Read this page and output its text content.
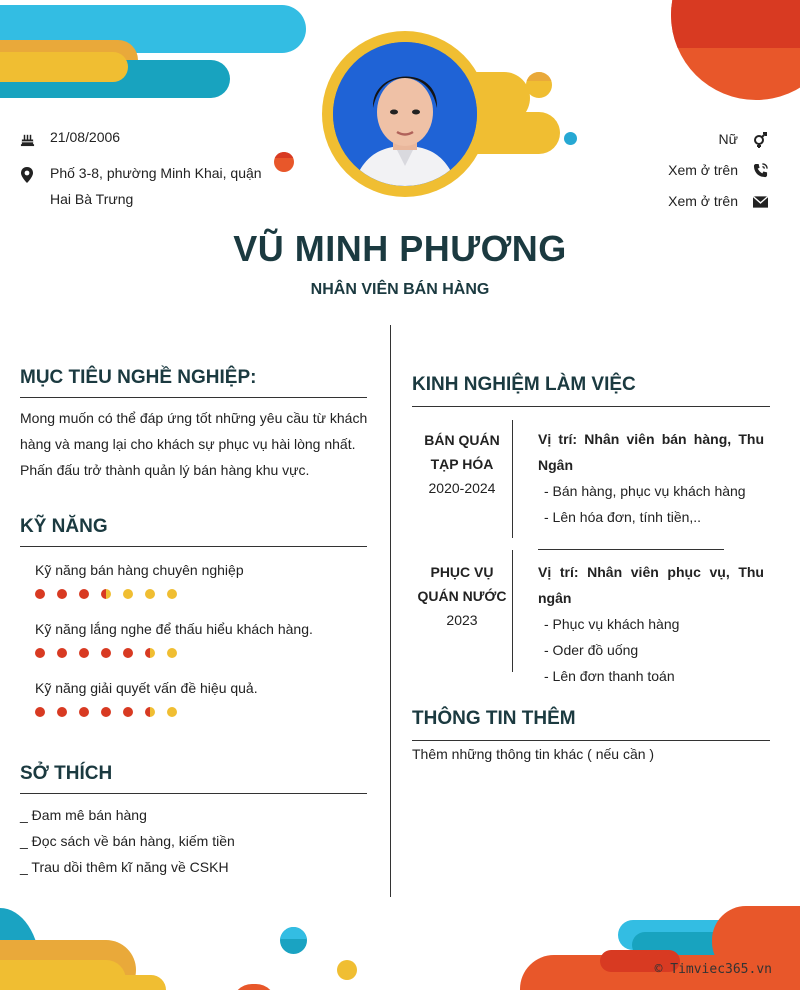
21/08/2006
Phố 3-8, phường Minh Khai, quận Hai Bà Trưng
Nữ
Xem ở trên
Xem ở trên
VŨ MINH PHƯƠNG
NHÂN VIÊN BÁN HÀNG
MỤC TIÊU NGHỀ NGHIỆP:
Mong muốn có thể đáp ứng tốt những yêu cầu từ khách hàng và mang lại cho khách sự phục vụ hài lòng nhất. Phấn đấu trở thành quản lý bán hàng khu vực.
KỸ NĂNG
Kỹ năng bán hàng chuyên nghiệp
Kỹ năng lắng nghe để thấu hiểu khách hàng.
Kỹ năng giải quyết vấn đề hiệu quả.
SỞ THÍCH
_ Đam mê bán hàng
_ Đọc sách về bán hàng, kiếm tiền
_ Trau dồi thêm kĩ năng về CSKH
KINH NGHIỆM LÀM VIỆC
BÁN QUÁN
TẠP HÓA
2020-2024
Vị trí: Nhân viên bán hàng, Thu Ngân
- Bán hàng, phục vụ khách hàng
- Lên hóa đơn, tính tiền,..
PHỤC VỤ
QUÁN NƯỚC
2023
Vị trí: Nhân viên phục vụ, Thu ngân
- Phục vụ khách hàng
- Oder đồ uống
- Lên đơn thanh toán
THÔNG TIN THÊM
Thêm những thông tin khác ( nếu cần )
© Timviec365.vn
